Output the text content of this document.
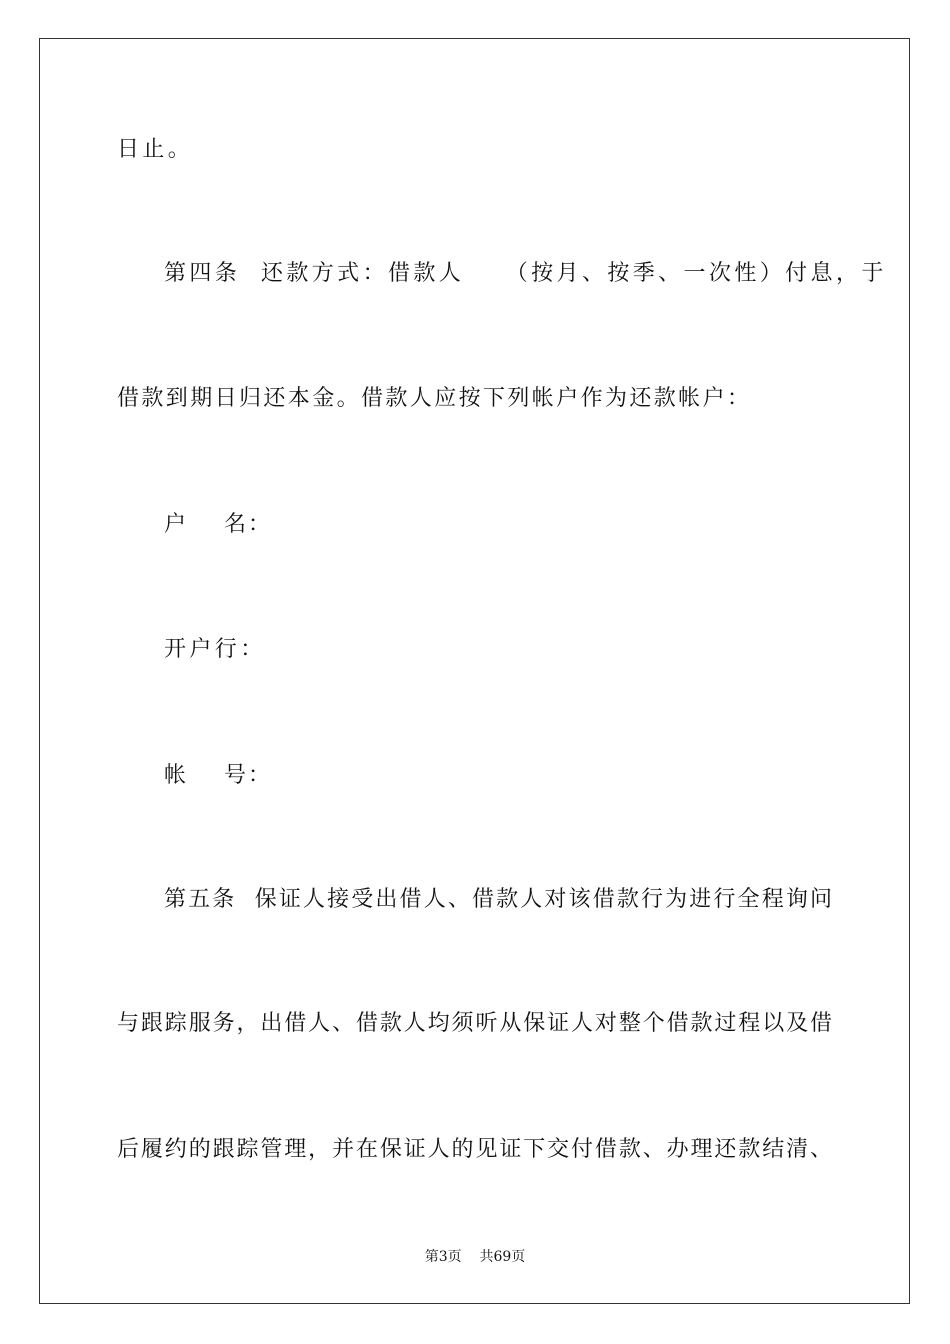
日止。
第四条  还款方式：借款人    （按月、按季、一次性）付息，于
借款到期日归还本金。借款人应按下列帐户作为还款帐户：
户    名：
开户行：
帐    号：
第五条  保证人接受出借人、借款人对该借款行为进行全程询问
与跟踪服务，出借人、借款人均须听从保证人对整个借款过程以及借
后履约的跟踪管理，并在保证人的见证下交付借款、办理还款结清、
第3页    共69页
